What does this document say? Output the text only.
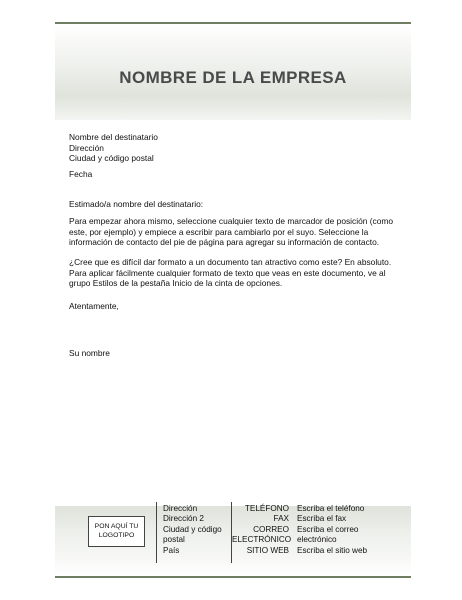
NOMBRE DE LA EMPRESA
Nombre del destinatario
Dirección
Ciudad y código postal
Fecha
Estimado/a nombre del destinatario:
Para empezar ahora mismo, seleccione cualquier texto de marcador de posición (como este, por ejemplo) y empiece a escribir para cambiarlo por el suyo. Seleccione la información de contacto del pie de página para agregar su información de contacto.
¿Cree que es difícil dar formato a un documento tan atractivo como este? En absoluto. Para aplicar fácilmente cualquier formato de texto que veas en este documento, ve al grupo Estilos de la pestaña Inicio de la cinta de opciones.
Atentamente,
Su nombre
PON AQUÍ TU LOGOTIPO
Dirección
Dirección 2
Ciudad y código
postal
País
TELÉFONO
FAX
CORREO
ELECTRÓNICO
SITIO WEB
Escriba el teléfono
Escriba el fax
Escriba el correo
electrónico
Escriba el sitio web
